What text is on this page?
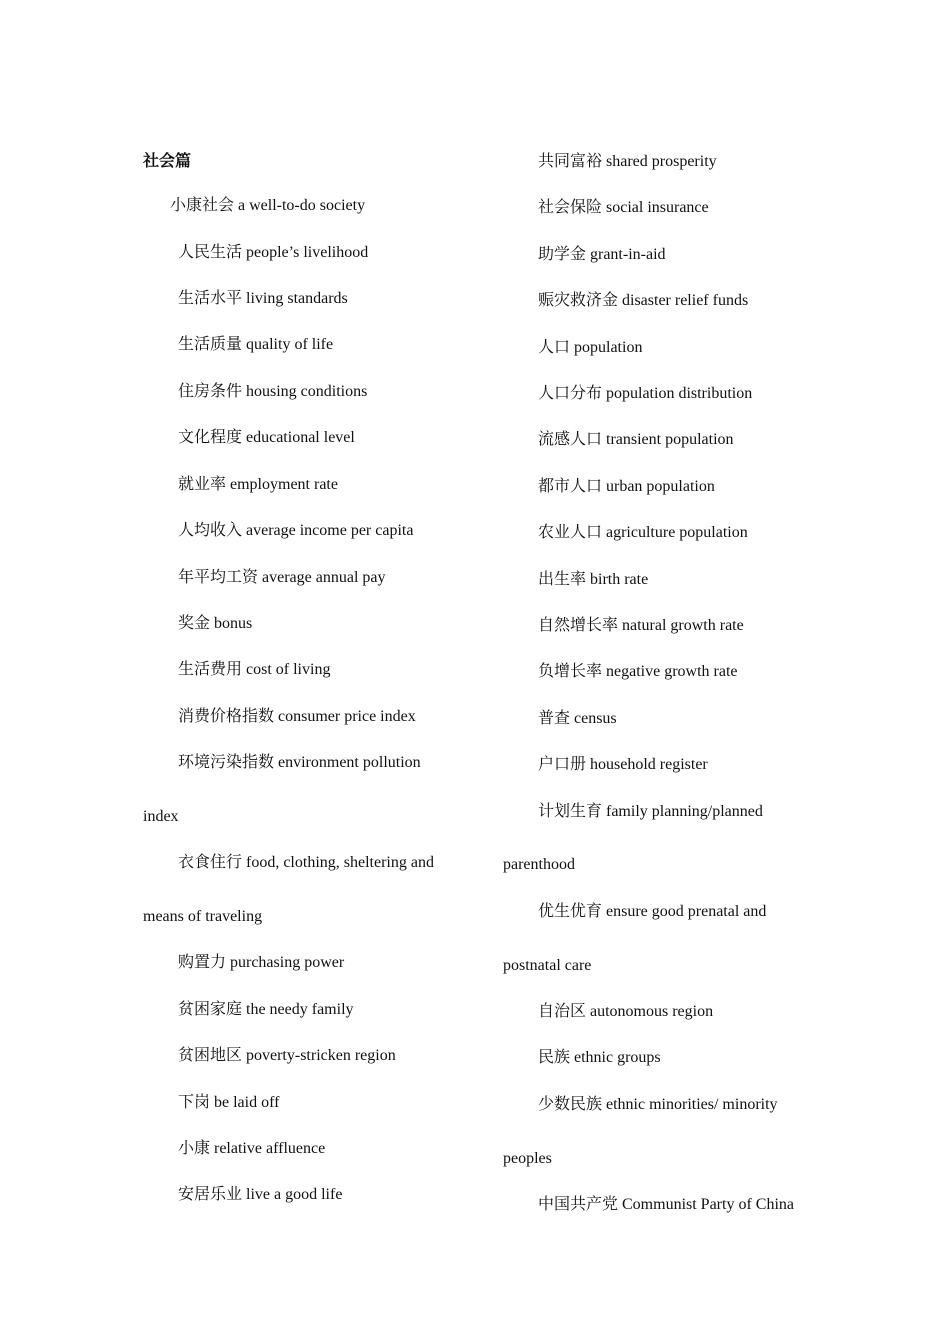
社会篇
小康社会 a well-to-do society
人民生活 people’s livelihood
生活水平 living standards
生活质量 quality of life
住房条件 housing conditions
文化程度 educational level
就业率 employment rate
人均收入 average income per capita
年平均工资 average annual pay
奖金 bonus
生活费用 cost of living
消费价格指数 consumer price index
环境污染指数 environment pollution
index
衣食住行 food, clothing, sheltering and
means of traveling
购置力 purchasing power
贫困家庭 the needy family
贫困地区 poverty-stricken region
下岗 be laid off
小康 relative affluence
安居乐业 live a good life
共同富裕 shared prosperity
社会保险 social insurance
助学金 grant-in-aid
赈灾救济金 disaster relief funds
人口 population
人口分布 population distribution
流感人口 transient population
都市人口 urban population
农业人口 agriculture population
出生率 birth rate
自然增长率 natural growth rate
负增长率 negative growth rate
普查 census
户口册 household register
计划生育 family planning/planned
parenthood
优生优育 ensure good prenatal and
postnatal care
自治区 autonomous region
民族 ethnic groups
少数民族 ethnic minorities/ minority
peoples
中国共产党 Communist Party of China
